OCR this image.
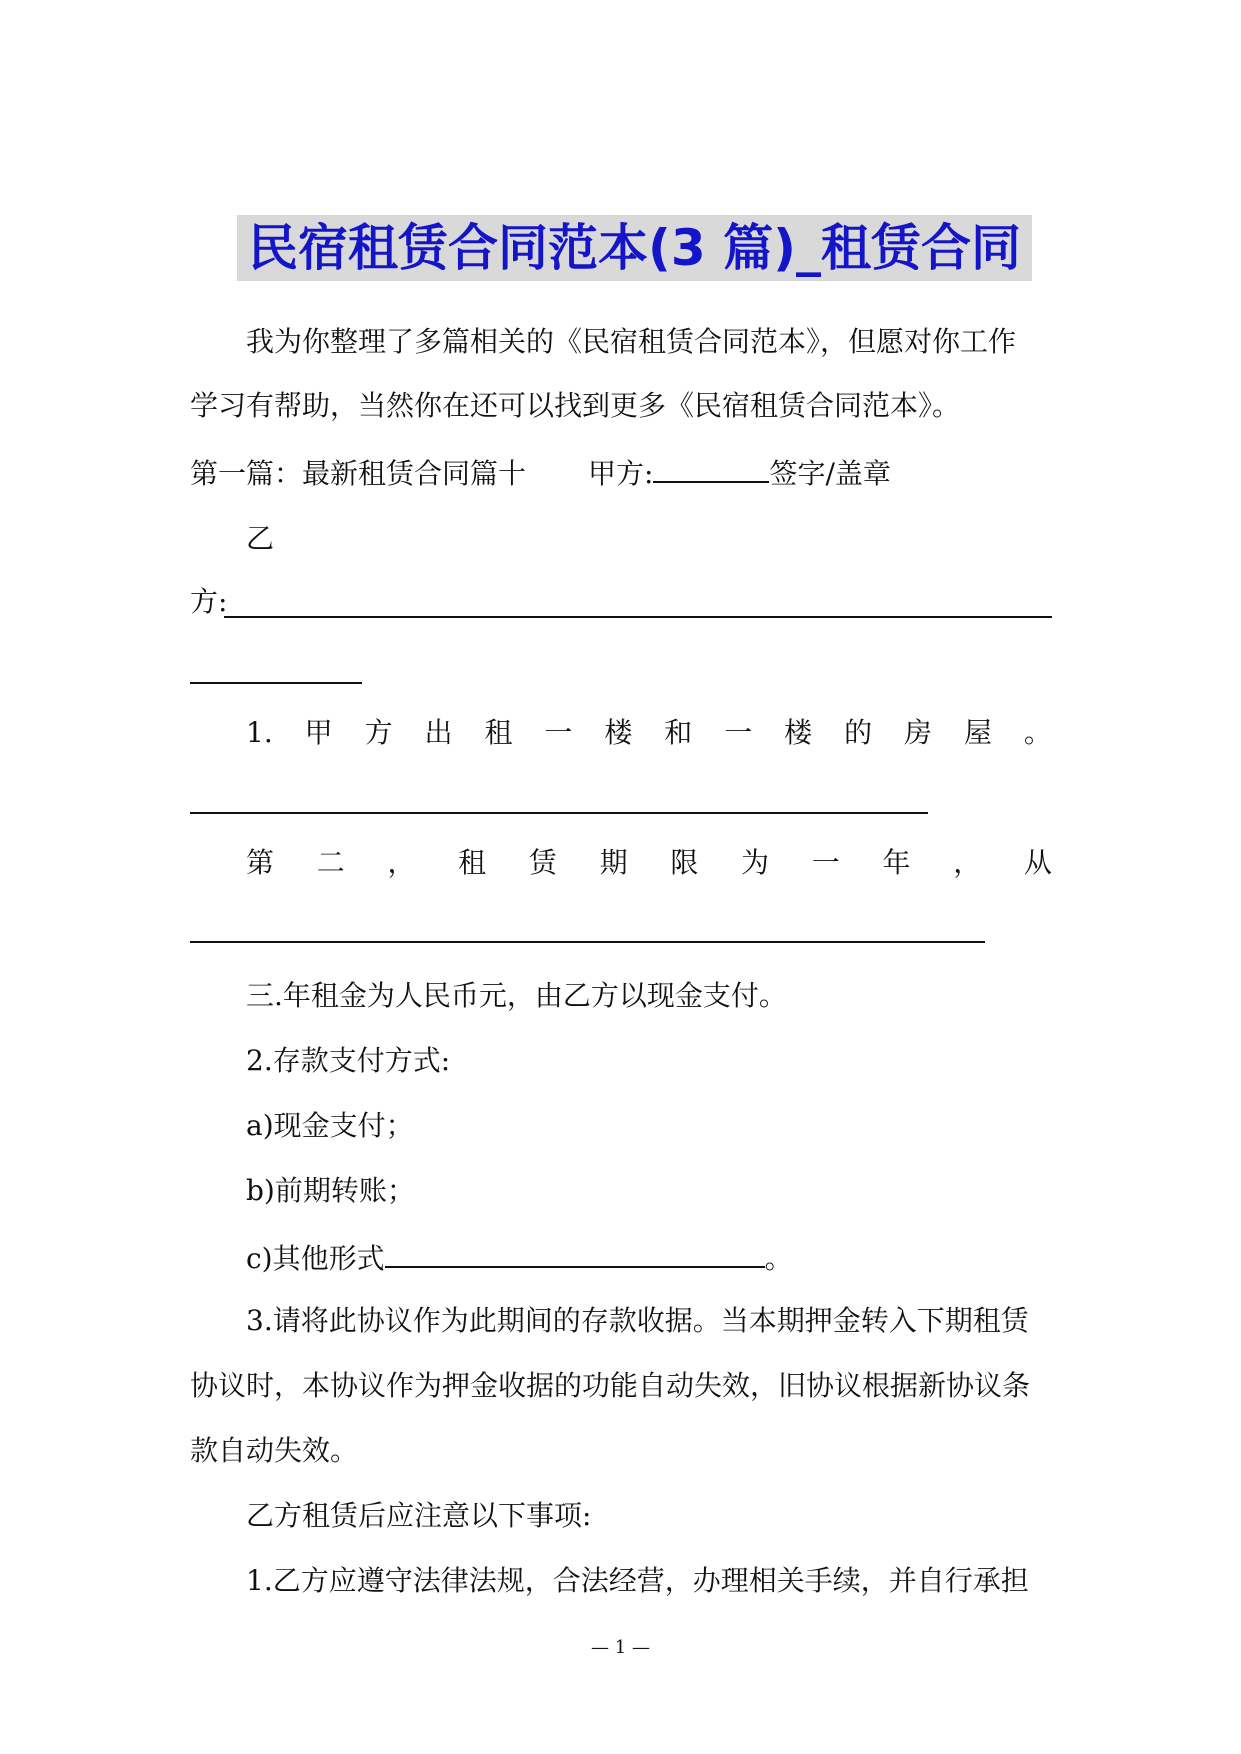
民宿租赁合同范本(3 篇)_租赁合同
我为你整理了多篇相关的《民宿租赁合同范本》，但愿对你工作
学习有帮助，当然你在还可以找到更多《民宿租赁合同范本》。
第一篇：最新租赁合同篇十 甲方:	签字/盖章
乙
方:
1. 甲 方 出 租 一 楼 和 一 楼 的 房 屋 。
第 二 ， 租 赁 期 限 为 一 年 ， 从
三.年租金为人民币元，由乙方以现金支付。
2.存款支付方式:
a)现金支付；
b)前期转账；
c)其他形式	。
3.请将此协议作为此期间的存款收据。当本期押金转入下期租赁
协议时，本协议作为押金收据的功能自动失效，旧协议根据新协议条
款自动失效。
乙方租赁后应注意以下事项:
1.乙方应遵守法律法规，合法经营，办理相关手续，并自行承担
— 1 —
